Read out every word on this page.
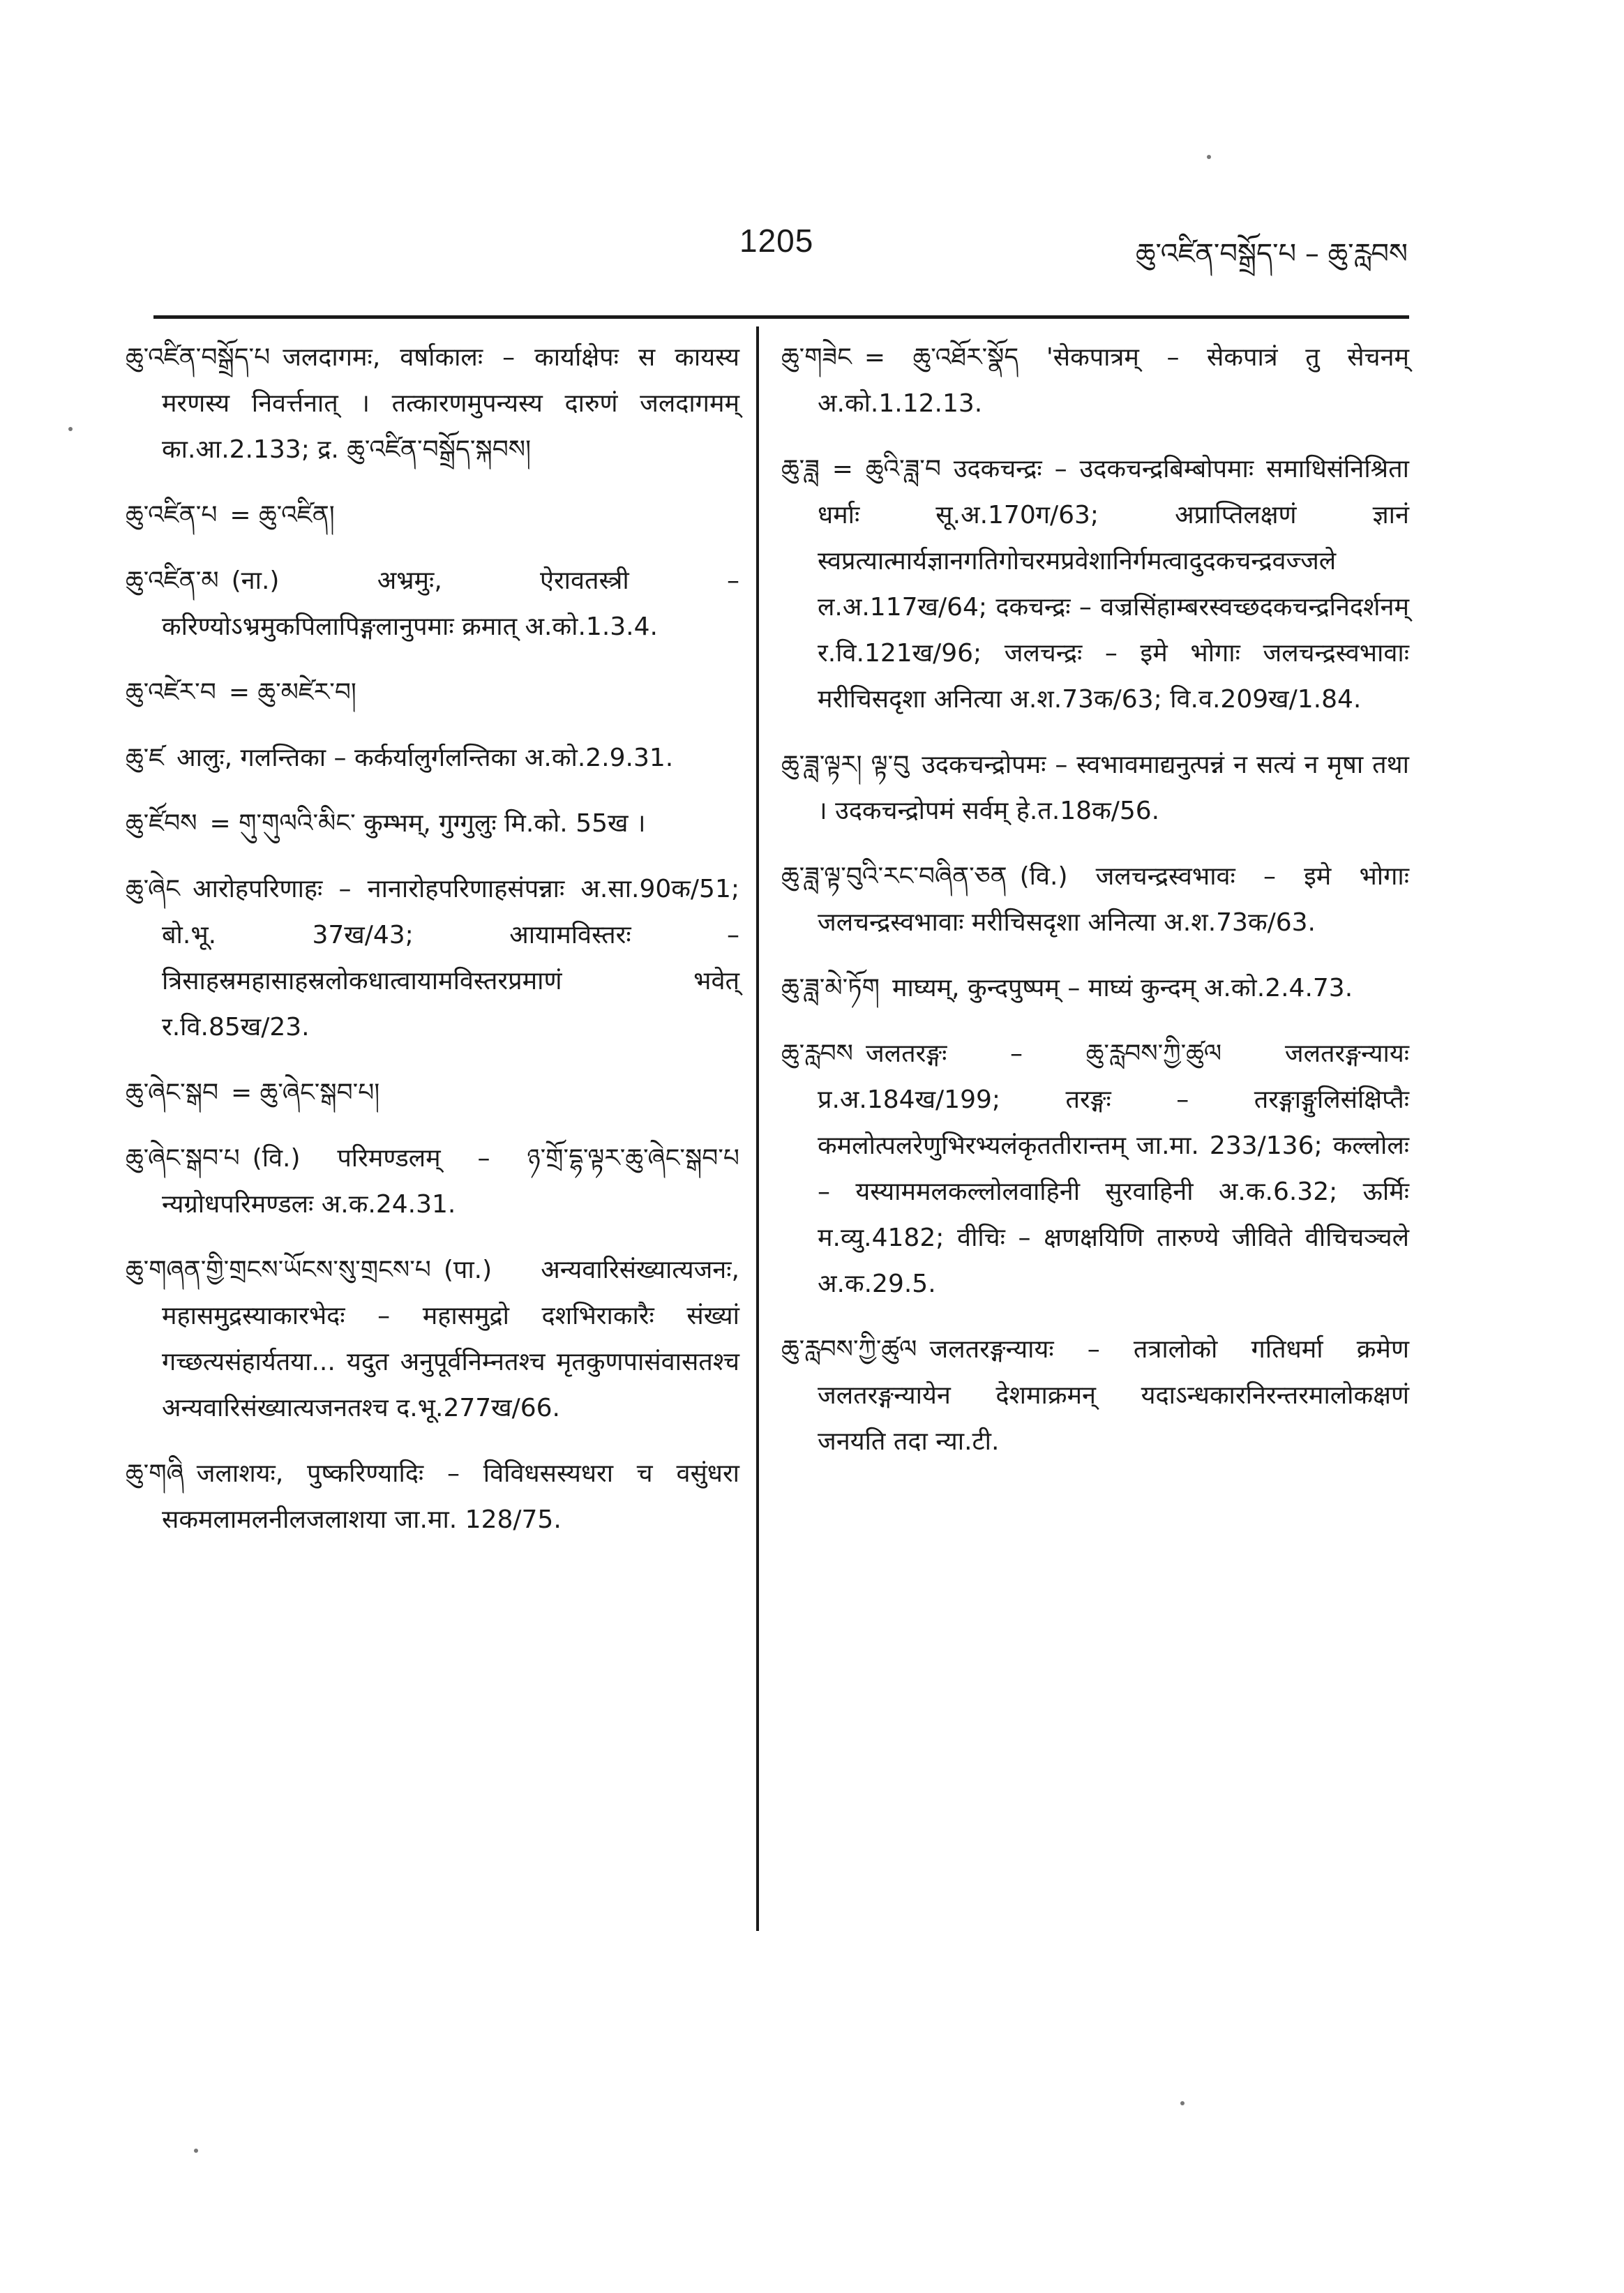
1205	ཆུ་འཛིན་བསྒྲོད་པ – ཆུ་རླབས

ཆུ་འཛིན་བསྒྲོད་པ जलदागमः, वर्षाकालः – कार्याक्षेपः स कायस्य मरणस्य निवर्त्तनात् । तत्कारणमुपन्यस्य दारुणं जलदागमम् का.आ.2.133; द्र. ཆུ་འཛིན་བསྒྲོད་སྐབས།

ཆུ་འཛིན་པ = ཆུ་འཛིན།

ཆུ་འཛིན་མ (ना.) अभ्रमुः, ऐरावतस्त्री – करिण्योऽभ्रमुकपिलापिङ्गलानुपमाः क्रमात् अ.को.1.3.4.

ཆུ་འཛེར་བ = ཆུ་མཛེར་བ།

ཆུ་ཛ आलुः, गलन्तिका – कर्कर्यालुर्गलन्तिका अ.को.2.9.31.

ཆུ་ཛོབས = གུ་གུལའི་མིང་ कुम्भम्, गुग्गुलुः मि.को. 55ख ।

ཆུ་ཞེང आरोहपरिणाहः – नानारोहपरिणाहसंपन्नाः अ.सा.90क/51; बो.भू. 37ख/43; आयामविस्तरः – त्रिसाहस्रमहासाहस्रलोकधात्वायामविस्तरप्रमाणं भवेत् र.वि.85ख/23.

ཆུ་ཞེང་སྒབ = ཆུ་ཞེང་སྒབ་པ།

ཆུ་ཞེང་སྒབ་པ (वि.) परिमण्डलम् – ཉ་གྲོ་དྷ་ལྟར་ཆུ་ཞེང་སྒབ་པ न्यग्रोधपरिमण्डलः अ.क.24.31.

ཆུ་གཞན་གྱི་གྲངས་ཡོངས་སུ་གྲངས་པ (पा.) अन्यवारिसंख्यात्यजनः, महासमुद्रस्याकारभेदः – महासमुद्रो दशभिराकारैः संख्यां गच्छत्यसंहार्यतया... यदुत अनुपूर्वनिम्नतश्च मृतकुणपासंवासतश्च अन्यवारिसंख्यात्यजनतश्च द.भू.277ख/66.

ཆུ་གཞི जलाशयः, पुष्करिण्यादिः – विविधसस्यधरा च वसुंधरा सकमलामलनीलजलाशया जा.मा. 128/75.

ཆུ་གཟེང = ཆུ་འཐོར་སྣོད 'सेकपात्रम् – सेकपात्रं तु सेचनम् अ.को.1.12.13.

ཆུ་ཟླ = ཆུའི་ཟླ་བ उदकचन्द्रः – उदकचन्द्रबिम्बोपमाः समाधिसंनिश्रिता धर्माः सू.अ.170ग/63; अप्राप्तिलक्षणं ज्ञानं स्वप्रत्यात्मार्यज्ञानगतिगोचरमप्रवेशानिर्गमत्वादुदकचन्द्रवज्जले ल.अ.117ख/64; दकचन्द्रः – वज्रसिंहाम्बरस्वच्छदकचन्द्रनिदर्शनम् र.वि.121ख/96; जलचन्द्रः – इमे भोगाः जलचन्द्रस्वभावाः मरीचिसदृशा अनित्या अ.श.73क/63; वि.व.209ख/1.84.

ཆུ་ཟླ་ལྟར། ལྟ་བུ उदकचन्द्रोपमः – स्वभावमाद्यनुत्पन्नं न सत्यं न मृषा तथा । उदकचन्द्रोपमं सर्वम् हे.त.18क/56.

ཆུ་ཟླ་ལྟ་བུའི་རང་བཞིན་ཅན (वि.) जलचन्द्रस्वभावः – इमे भोगाः जलचन्द्रस्वभावाः मरीचिसदृशा अनित्या अ.श.73क/63.

ཆུ་ཟླ་མེ་ཏོག माघ्यम्, कुन्दपुष्पम् – माघ्यं कुन्दम् अ.को.2.4.73.

ཆུ་རླབས जलतरङ्गः – ཆུ་རླབས་ཀྱི་ཚུལ जलतरङ्गन्यायः प्र.अ.184ख/199; तरङ्गः – तरङ्गाङ्गुलिसंक्षिप्तैः कमलोत्पलरेणुभिरभ्यलंकृततीरान्तम् जा.मा. 233/136; कल्लोलः – यस्याममलकल्लोलवाहिनी सुरवाहिनी अ.क.6.32; ऊर्मिः म.व्यु.4182; वीचिः – क्षणक्षयिणि तारुण्ये जीविते वीचिचञ्चले अ.क.29.5.

ཆུ་རླབས་ཀྱི་ཚུལ जलतरङ्गन्यायः – तत्रालोको गतिधर्मा क्रमेण जलतरङ्गन्यायेन देशमाक्रमन् यदाऽन्धकारनिरन्तरमालोकक्षणं जनयति तदा न्या.टी.
